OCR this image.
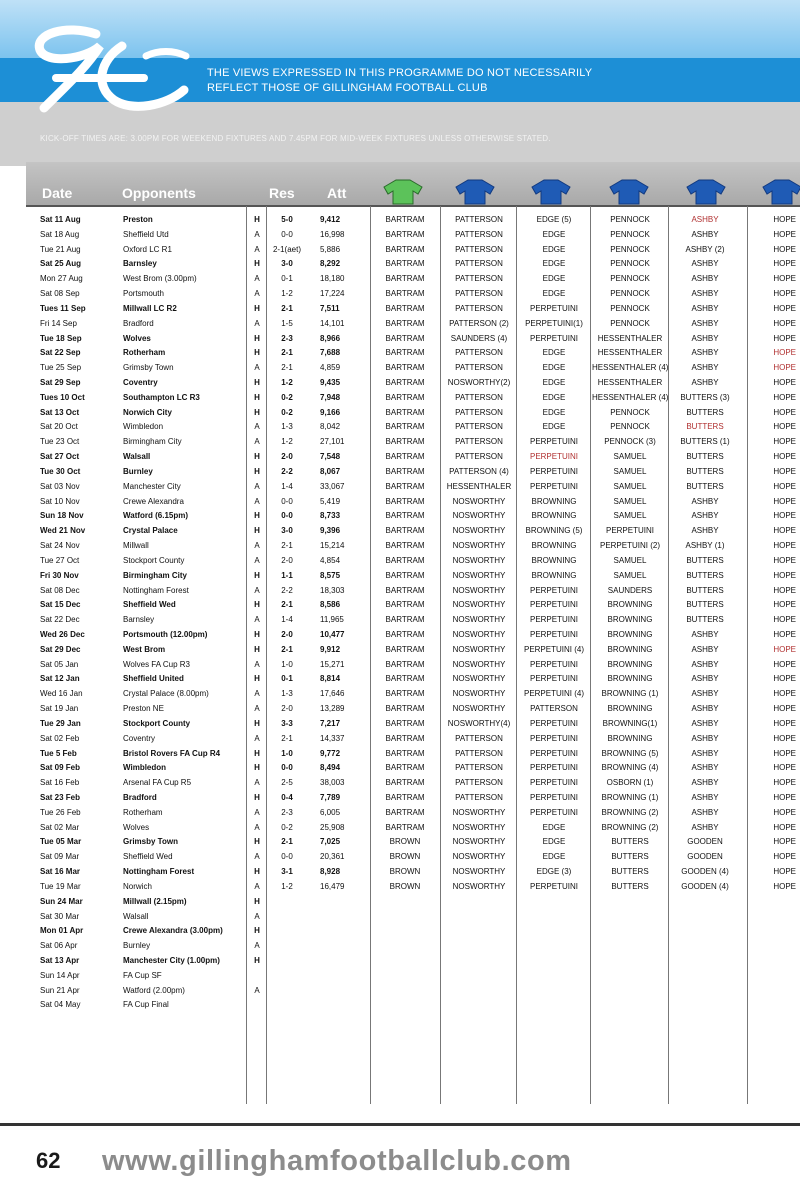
THE VIEWS EXPRESSED IN THIS PROGRAMME DO NOT NECESSARILY
REFLECT THOSE OF GILLINGHAM FOOTBALL CLUB
KICK-OFF TIMES ARE: 3.00PM FOR WEEKEND FIXTURES AND 7.45PM FOR MID-WEEK FIXTURES UNLESS OTHERWISE STATED.
Date	Opponents	Res Att
Sat 11 Aug	Preston	H	5-0	9,412	BARTRAM	PATTERSON	EDGE (5)	PENNOCK	ASHBY	HOPE
Sat 18 Aug	Sheffield Utd	A	0-0	16,998	BARTRAM	PATTERSON	EDGE	PENNOCK	ASHBY	HOPE
Tue 21 Aug	Oxford LC R1	A	2-1(aet)	5,886	BARTRAM	PATTERSON	EDGE	PENNOCK	ASHBY (2)	HOPE
Sat 25 Aug	Barnsley	H	3-0	8,292	BARTRAM	PATTERSON	EDGE	PENNOCK	ASHBY	HOPE
Mon 27 Aug	West Brom (3.00pm)	A	0-1	18,180	BARTRAM	PATTERSON	EDGE	PENNOCK	ASHBY	HOPE
Sat 08 Sep	Portsmouth	A	1-2	17,224	BARTRAM	PATTERSON	EDGE	PENNOCK	ASHBY	HOPE
Tues 11 Sep	Millwall LC R2	H	2-1	7,511	BARTRAM	PATTERSON	PERPETUINI	PENNOCK	ASHBY	HOPE
Fri 14 Sep	Bradford	A	1-5	14,101	BARTRAM	PATTERSON (2)	PERPETUINI(1)	PENNOCK	ASHBY	HOPE
Tue 18 Sep	Wolves	H	2-3	8,966	BARTRAM	SAUNDERS (4)	PERPETUINI	HESSENTHALER	ASHBY	HOPE
Sat 22 Sep	Rotherham	H	2-1	7,688	BARTRAM	PATTERSON	EDGE	HESSENTHALER	ASHBY	HOPE
Tue 25 Sep	Grimsby Town	A	2-1	4,859	BARTRAM	PATTERSON	EDGE	HESSENTHALER (4)	ASHBY	HOPE
Sat 29 Sep	Coventry	H	1-2	9,435	BARTRAM	NOSWORTHY(2)	EDGE	HESSENTHALER	ASHBY	HOPE
Tues 10 Oct	Southampton LC R3	H	0-2	7,948	BARTRAM	PATTERSON	EDGE	HESSENTHALER (4)	BUTTERS (3)	HOPE
Sat 13 Oct	Norwich City	H	0-2	9,166	BARTRAM	PATTERSON	EDGE	PENNOCK	BUTTERS	HOPE
Sat 20 Oct	Wimbledon	A	1-3	8,042	BARTRAM	PATTERSON	EDGE	PENNOCK	BUTTERS	HOPE
Tue 23 Oct	Birmingham City	A	1-2	27,101	BARTRAM	PATTERSON	PERPETUINI	PENNOCK (3)	BUTTERS (1)	HOPE
Sat 27 Oct	Walsall	H	2-0	7,548	BARTRAM	PATTERSON	PERPETUINI	SAMUEL	BUTTERS	HOPE
Tue 30 Oct	Burnley	H	2-2	8,067	BARTRAM	PATTERSON (4)	PERPETUINI	SAMUEL	BUTTERS	HOPE
Sat 03 Nov	Manchester City	A	1-4	33,067	BARTRAM	HESSENTHALER	PERPETUINI	SAMUEL	BUTTERS	HOPE
Sat 10 Nov	Crewe Alexandra	A	0-0	5,419	BARTRAM	NOSWORTHY	BROWNING	SAMUEL	ASHBY	HOPE
Sun 18 Nov	Watford (6.15pm)	H	0-0	8,733	BARTRAM	NOSWORTHY	BROWNING	SAMUEL	ASHBY	HOPE
Wed 21 Nov	Crystal Palace	H	3-0	9,396	BARTRAM	NOSWORTHY	BROWNING (5)	PERPETUINI	ASHBY	HOPE
Sat 24 Nov	Millwall	A	2-1	15,214	BARTRAM	NOSWORTHY	BROWNING	PERPETUINI (2)	ASHBY (1)	HOPE
Tue 27 Oct	Stockport County	A	2-0	4,854	BARTRAM	NOSWORTHY	BROWNING	SAMUEL	BUTTERS	HOPE
Fri 30 Nov	Birmingham City	H	1-1	8,575	BARTRAM	NOSWORTHY	BROWNING	SAMUEL	BUTTERS	HOPE
Sat 08 Dec	Nottingham Forest	A	2-2	18,303	BARTRAM	NOSWORTHY	PERPETUINI	SAUNDERS	BUTTERS	HOPE
Sat 15 Dec	Sheffield Wed	H	2-1	8,586	BARTRAM	NOSWORTHY	PERPETUINI	BROWNING	BUTTERS	HOPE
Sat 22 Dec	Barnsley	A	1-4	11,965	BARTRAM	NOSWORTHY	PERPETUINI	BROWNING	BUTTERS	HOPE
Wed 26 Dec	Portsmouth (12.00pm)	H	2-0	10,477	BARTRAM	NOSWORTHY	PERPETUINI	BROWNING	ASHBY	HOPE
Sat 29 Dec	West Brom	H	2-1	9,912	BARTRAM	NOSWORTHY	PERPETUINI (4)	BROWNING	ASHBY	HOPE
Sat 05 Jan	Wolves FA Cup R3	A	1-0	15,271	BARTRAM	NOSWORTHY	PERPETUINI	BROWNING	ASHBY	HOPE
Sat 12 Jan	Sheffield United	H	0-1	8,814	BARTRAM	NOSWORTHY	PERPETUINI	BROWNING	ASHBY	HOPE
Wed 16 Jan	Crystal Palace (8.00pm)	A	1-3	17,646	BARTRAM	NOSWORTHY	PERPETUINI (4)	BROWNING (1)	ASHBY	HOPE
Sat 19 Jan	Preston NE	A	2-0	13,289	BARTRAM	NOSWORTHY	PATTERSON	BROWNING	ASHBY	HOPE
Tue 29 Jan	Stockport County	H	3-3	7,217	BARTRAM	NOSWORTHY(4)	PERPETUINI	BROWNING(1)	ASHBY	HOPE
Sat 02 Feb	Coventry	A	2-1	14,337	BARTRAM	PATTERSON	PERPETUINI	BROWNING	ASHBY	HOPE
Tue 5 Feb	Bristol Rovers FA Cup R4	H	1-0	9,772	BARTRAM	PATTERSON	PERPETUINI	BROWNING (5)	ASHBY	HOPE
Sat 09 Feb	Wimbledon	H	0-0	8,494	BARTRAM	PATTERSON	PERPETUINI	BROWNING (4)	ASHBY	HOPE
Sat 16 Feb	Arsenal FA Cup R5	A	2-5	38,003	BARTRAM	PATTERSON	PERPETUINI	OSBORN (1)	ASHBY	HOPE
Sat 23 Feb	Bradford	H	0-4	7,789	BARTRAM	PATTERSON	PERPETUINI	BROWNING (1)	ASHBY	HOPE
Tue 26 Feb	Rotherham	A	2-3	6,005	BARTRAM	NOSWORTHY	PERPETUINI	BROWNING (2)	ASHBY	HOPE
Sat 02 Mar	Wolves	A	0-2	25,908	BARTRAM	NOSWORTHY	EDGE	BROWNING (2)	ASHBY	HOPE
Tue 05 Mar	Grimsby Town	H	2-1	7,025	BROWN	NOSWORTHY	EDGE	BUTTERS	GOODEN	HOPE
Sat 09 Mar	Sheffield Wed	A	0-0	20,361	BROWN	NOSWORTHY	EDGE	BUTTERS	GOODEN	HOPE
Sat 16 Mar	Nottingham Forest	H	3-1	8,928	BROWN	NOSWORTHY	EDGE (3)	BUTTERS	GOODEN (4)	HOPE
Tue 19 Mar	Norwich	A	1-2	16,479	BROWN	NOSWORTHY	PERPETUINI	BUTTERS	GOODEN (4)	HOPE
Sun 24 Mar	Millwall (2.15pm)	H
Sat 30 Mar	Walsall	A
Mon 01 Apr	Crewe Alexandra (3.00pm)	H
Sat 06 Apr	Burnley	A
Sat 13 Apr	Manchester City (1.00pm)	H
Sun 14 Apr	FA Cup SF
Sun 21 Apr	Watford (2.00pm)	A
Sat 04 May	FA Cup Final
62 www.gillinghamfootballclub.com
